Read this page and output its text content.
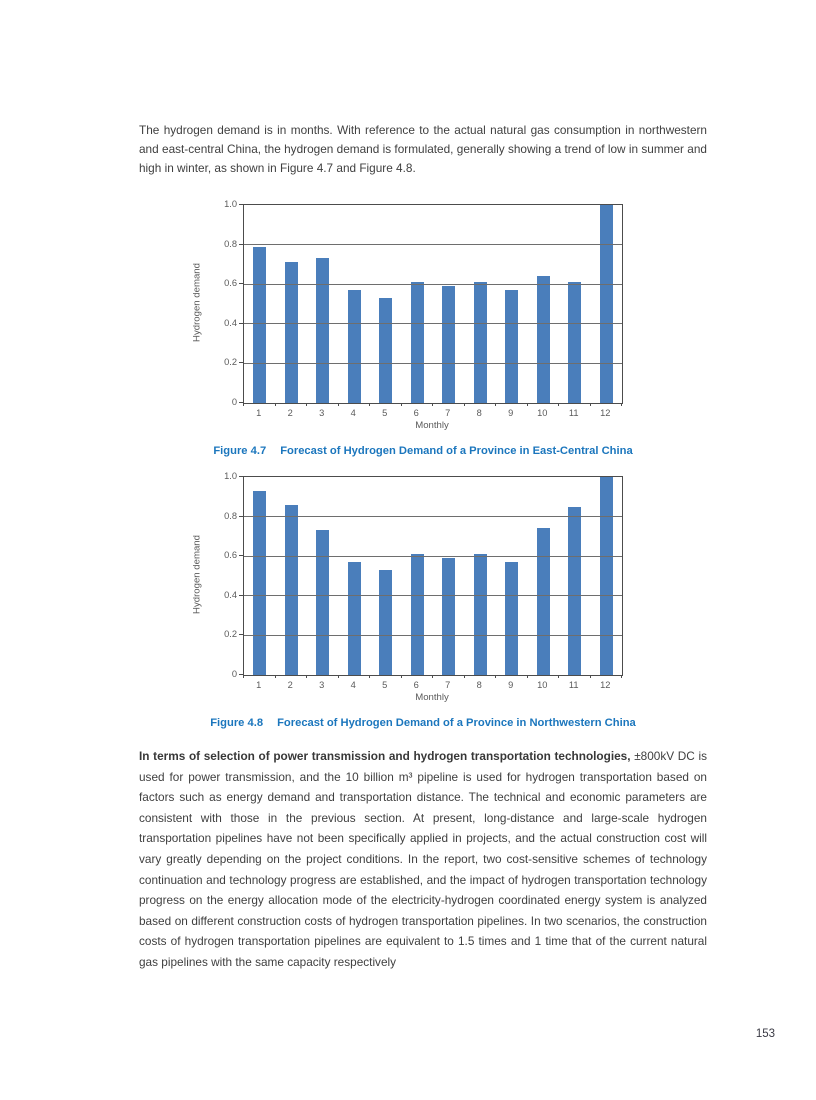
The hydrogen demand is in months. With reference to the actual natural gas consumption in northwestern and east-central China, the hydrogen demand is formulated, generally showing a trend of low in summer and high in winter, as shown in Figure 4.7 and Figure 4.8.

Hydrogen demand
Monthly
0
0.2
0.4
0.6
0.8
1.0
1	2	3	4	5	6	7	8	9	10	11	12

Figure 4.7 Forecast of Hydrogen Demand of a Province in East-Central China

Hydrogen demand
Monthly
0
0.2
0.4
0.6
0.8
1.0
1	2	3	4	5	6	7	8	9	10	11	12

Figure 4.8 Forecast of Hydrogen Demand of a Province in Northwestern China

In terms of selection of power transmission and hydrogen transportation technologies, ±800kV DC is used for power transmission, and the 10 billion m³ pipeline is used for hydrogen transportation based on factors such as energy demand and transportation distance. The technical and economic parameters are consistent with those in the previous section. At present, long-distance and large-scale hydrogen transportation pipelines have not been specifically applied in projects, and the actual construction cost will vary greatly depending on the project conditions. In the report, two cost-sensitive schemes of technology continuation and technology progress are established, and the impact of hydrogen transportation technology progress on the energy allocation mode of the electricity-hydrogen coordinated energy system is analyzed based on different construction costs of hydrogen transportation pipelines. In two scenarios, the construction costs of hydrogen transportation pipelines are equivalent to 1.5 times and 1 time that of the current natural gas pipelines with the same capacity respectively

153
